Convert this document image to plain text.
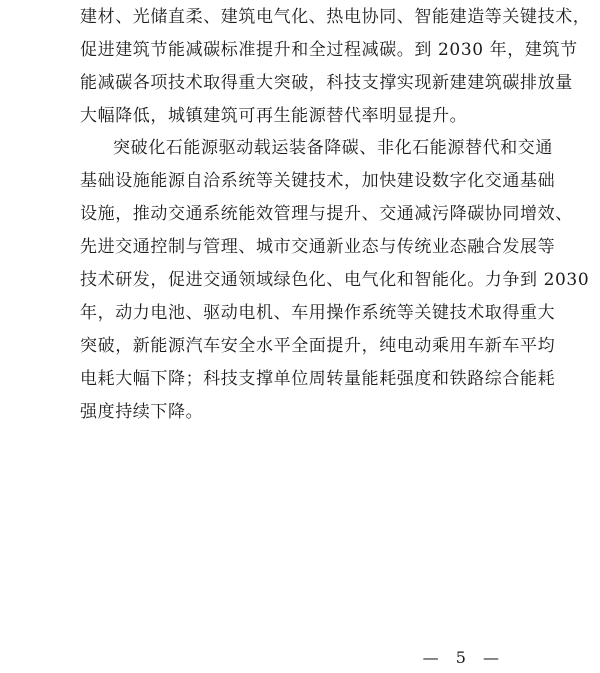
建材、光储直柔、建筑电气化、热电协同、智能建造等关键技术，
促进建筑节能减碳标准提升和全过程减碳。到 2030 年，建筑节
能减碳各项技术取得重大突破，科技支撑实现新建建筑碳排放量
大幅降低，城镇建筑可再生能源替代率明显提升。
突破化石能源驱动载运装备降碳、非化石能源替代和交通
基础设施能源自洽系统等关键技术，加快建设数字化交通基础
设施，推动交通系统能效管理与提升、交通减污降碳协同增效、
先进交通控制与管理、城市交通新业态与传统业态融合发展等
技术研发，促进交通领域绿色化、电气化和智能化。力争到 2030
年，动力电池、驱动电机、车用操作系统等关键技术取得重大
突破，新能源汽车安全水平全面提升，纯电动乘用车新车平均
电耗大幅下降；科技支撑单位周转量能耗强度和铁路综合能耗
强度持续下降。
— 5 —
